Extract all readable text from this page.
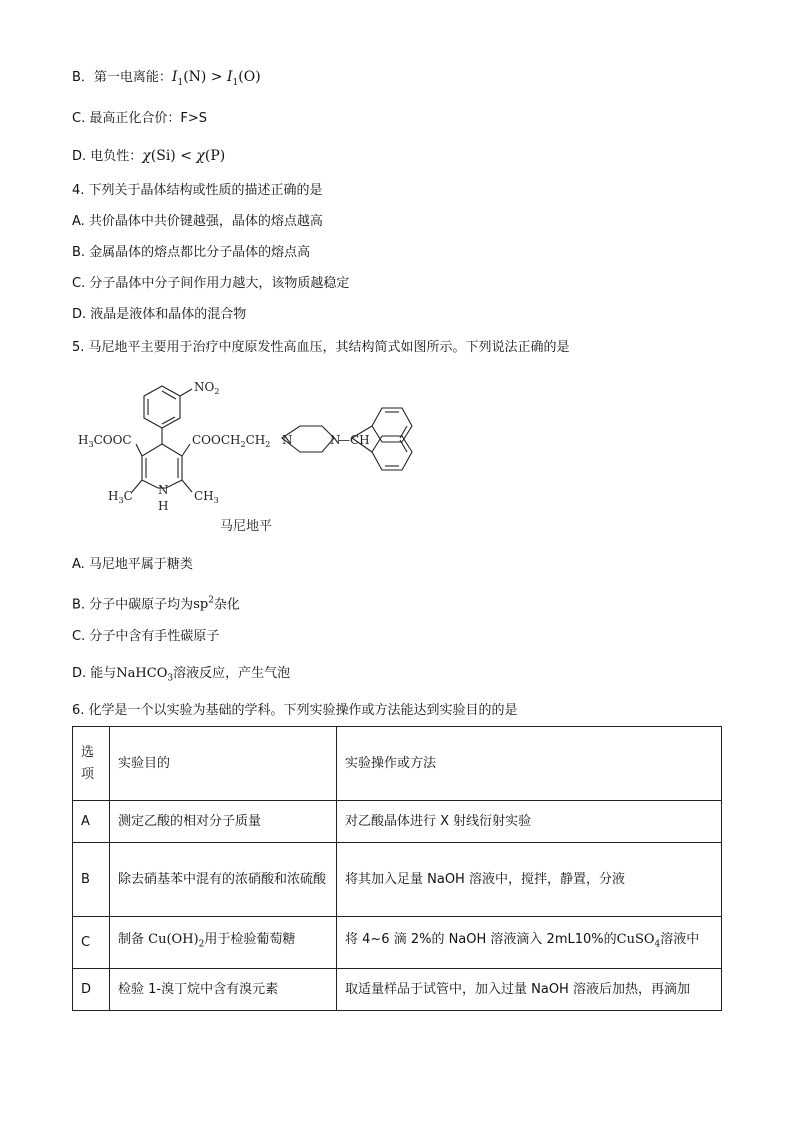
B．第一电离能：$I_1(N) > I_1(O)$
C. 最高正化合价：F>S
D. 电负性：χ(Si) < χ(P)
4. 下列关于晶体结构或性质的描述正确的是
A. 共价晶体中共价键越强，晶体的熔点越高
B. 金属晶体的熔点都比分子晶体的熔点高
C. 分子晶体中分子间作用力越大，该物质越稳定
D. 液晶是液体和晶体的混合物
5. 马尼地平主要用于治疗中度原发性高血压，其结构简式如图所示。下列说法正确的是
$NO_2$
$H_3COOC$	$COOCH_2CH_2$ N	N
—CH
$H_3C$	$CH_3$
N
H
马尼地平
A. 马尼地平属于糖类
B. 分子中碳原子均为$sp^2$杂化
C. 分子中含有手性碳原子
D. 能与NaHCO$_3$溶液反应，产生气泡
6. 化学是一个以实验为基础的学科。下列实验操作或方法能达到实验目的的是
选项	实验目的	实验操作或方法
A	测定乙酸的相对分子质量	对乙酸晶体进行 X 射线衍射实验
B	除去硝基苯中混有的浓硝酸和浓硫酸	将其加入足量 NaOH 溶液中，搅拌，静置，分液
C	制备 $Cu(OH)_2$用于检验葡萄糖	将 4~6 滴 2%的 NaOH 溶液滴入 2mL10%的CuSO$_4$溶液中
D	检验 1-溴丁烷中含有溴元素	取适量样品于试管中，加入过量 NaOH 溶液后加热，再滴加
